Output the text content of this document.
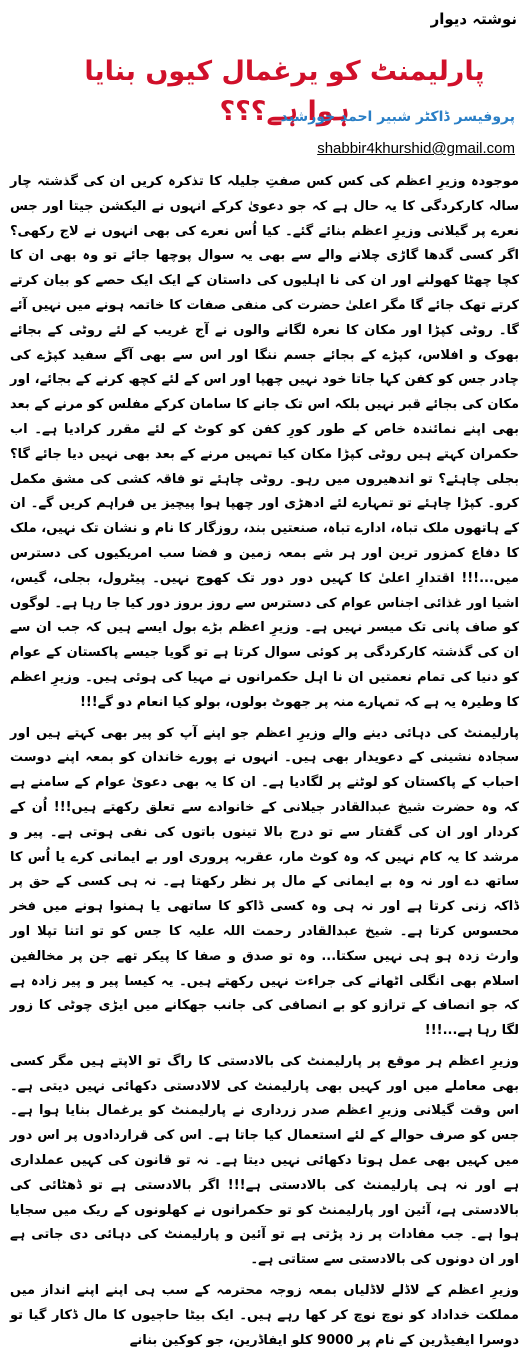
نوشتہ دیوار
پارلیمنٹ کو یرغمال کیوں بنایا ہوا ہے؟؟؟
پروفیسر ڈاکٹر شبیر احمد خورشید
shabbir4khurshid@gmail.com

موجودہ وزیرِ اعظم کی کس کس صفتِ جلیلہ کا تذکرہ کریں ان کی گذشتہ چار سالہ کارکردگی کا یہ حال ہے کہ جو دعویٰ کرکے انہوں نے الیکشن جیتا اور جس نعرے پر گیلانی وزیرِ اعظم بنائے گئے۔ کیا اُس نعرے کی بھی انہوں نے لاج رکھی؟ اگر کسی گدھا گاڑی چلانے والے سے بھی یہ سوال پوچھا جائے تو وہ بھی ان کا کچا چھٹا کھولنے اور ان کی نا اہلیوں کی داستان کے ایک ایک حصے کو بیان کرتے کرتے تھک جائے گا مگر اعلیٰ حضرت کی منفی صفات کا خاتمہ ہونے میں نہیں آئے گا۔ روٹی کپڑا اور مکان کا نعرہ لگانے والوں نے آج غریب کے لئے روٹی کے بجائے بھوک و افلاس، کپڑے کے بجائے جسم ننگا اور اس سے بھی آگے سفید کپڑے کی چادر جس کو کفن کہا جاتا خود نہیں چھپا اور اس کے لئے کچھ کرنے کے بجائے، اور مکان کی بجائے قبر نہیں بلکہ اس تک جانے کا سامان کرکے مفلس کو مرنے کے بعد بھی اپنے نمائندہ خاص کے طور کورِ کفن کو کوٹ کے لئے مقرر کرادیا ہے۔ اب حکمران کہتے ہیں روٹی کپڑا مکان کیا تمہیں مرنے کے بعد بھی نہیں دیا جائے گا؟ بجلی چاہئے؟ تو اندھیروں میں رہو۔ روٹی چاہئے تو فاقہ کشی کی مشق مکمل کرو۔ کپڑا چاہئے تو تمہارے لئے ادھڑی اور چھپا ہوا پیچیز یں فراہم کریں گے۔ ان کے ہاتھوں ملک تباہ، ادارے تباہ، صنعتیں بند، روزگار کا نام و نشان تک نہیں، ملک کا دفاع کمزور ترین اور ہر شے بمعہ زمین و فضا سب امریکیوں کی دسترس میں...!!! اقتدارِ اعلیٰ کا کہیں دور دور تک کھوج نہیں۔ پیٹرول، بجلی، گیس، اشیا اور غذائی اجناس عوام کی دسترس سے روز بروز دور کیا جا رہا ہے۔ لوگوں کو صاف پانی تک میسر نہیں ہے۔ وزیرِ اعظم بڑے بول ایسے ہیں کہ جب ان سے ان کی گذشتہ کارکردگی پر کوئی سوال کرتا ہے تو گویا جیسے پاکستان کے عوام کو دنیا کی تمام نعمتیں ان نا اہل حکمرانوں نے مہیا کی ہوئی ہیں۔ وزیرِ اعظم کا وطیرہ یہ ہے کہ تمہارے منہ پر جھوٹ بولوں، بولو کیا انعام دو گے!!!

پارلیمنٹ کی دہائی دینے والے وزیرِ اعظم جو اپنے آپ کو پیر بھی کہتے ہیں اور سجادہ نشینی کے دعویدار بھی ہیں۔ انہوں نے پورے خاندان کو بمعہ اپنے دوست احباب کے پاکستان کو لوٹنے پر لگادیا ہے۔ ان کا یہ بھی دعویٰ عوام کے سامنے ہے کہ وہ حضرت شیخ عبدالقادر جیلانی کے خانوادے سے تعلق رکھتے ہیں!!! اُن کے کردار اور ان کی گفتار سے تو درج بالا تینوں باتوں کی نفی ہوتی ہے۔ پیر و مرشد کا یہ کام نہیں کہ وہ کوٹ مار، عقربہ پروری اور بے ایمانی کرے یا اُس کا ساتھ دے اور نہ وہ بے ایمانی کے مال پر نظر رکھتا ہے۔ نہ ہی کسی کے حق پر ڈاکہ زنی کرتا ہے اور نہ ہی وہ کسی ڈاکو کا ساتھی یا ہمنوا ہونے میں فخر محسوس کرتا ہے۔ شیخ عبدالقادر رحمت اللہ علیہ کا جس کو تو اتنا تپلا اور وارث زدہ ہو ہی نہیں سکتا... وہ تو صدق و صفا کا پیکر تھے جن پر مخالفین اسلام بھی انگلی اٹھانے کی جراءت نہیں رکھتے ہیں۔ یہ کیسا پیر و پیر زادہ ہے کہ جو انصاف کے ترازو کو بے انصافی کی جانب جھکانے میں ایڑی چوٹی کا زور لگا رہا ہے...!!!

وزیرِ اعظم ہر موقع پر پارلیمنٹ کی بالادستی کا راگ تو الاپتے ہیں مگر کسی بھی معاملے میں اور کہیں بھی پارلیمنٹ کی لالادستی دکھائی نہیں دیتی ہے۔ اس وقت گیلانی وزیرِ اعظم صدر زرداری نے پارلیمنٹ کو یرغمال بنایا ہوا ہے۔ جس کو صرف حوالے کے لئے استعمال کیا جاتا ہے۔ اس کی قراردادوں پر اس دور میں کہیں بھی عمل ہوتا دکھائی نہیں دیتا ہے۔ نہ تو قانون کی کہیں عملداری ہے اور نہ ہی پارلیمنٹ کی بالادستی ہے!!! اگر بالادستی ہے تو ڈھٹائی کی بالادستی ہے، آئین اور پارلیمنٹ کو تو حکمرانوں نے کھلونوں کے ریک میں سجایا ہوا ہے۔ جب مفادات پر زد پڑتی ہے تو آئین و پارلیمنٹ کی دہائی دی جاتی ہے اور ان دونوں کی بالادستی سے ستاتی ہے۔

وزیرِ اعظم کے لاڈلے لاڈلیاں بمعہ زوجہ محترمہ کے سب ہی اپنے اپنے انداز میں مملکت خداداد کو نوچ نوچ کر کھا رہے ہیں۔ ایک بیٹا حاجیوں کا مال ڈکار گیا تو دوسرا ایفیڈرین کے نام پر 9000 کلو ایفاڈرین، جو کوکین بنانے
